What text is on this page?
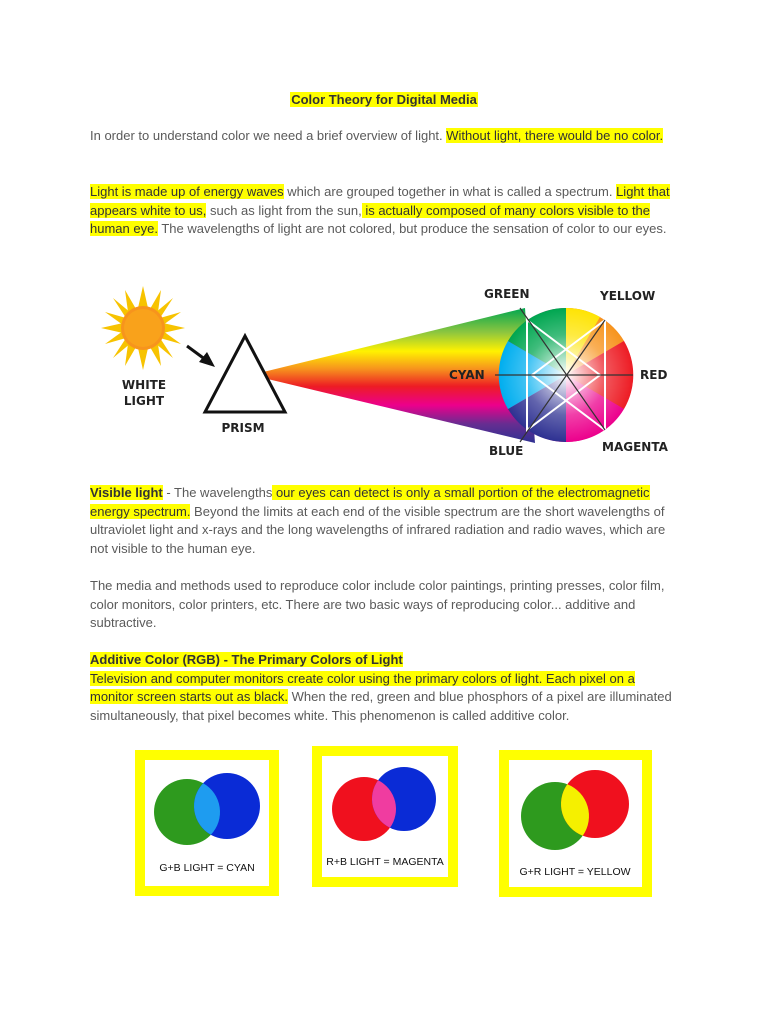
Color Theory for Digital Media
In order to understand color we need a brief overview of light. Without light, there would be no color.
Light is made up of energy waves which are grouped together in what is called a spectrum. Light that appears white to us, such as light from the sun, is actually composed of many colors visible to the human eye. The wavelengths of light are not colored, but produce the sensation of color to our eyes.
WHITE
LIGHT
PRISM
GREEN	YELLOW
CYAN	RED
BLUE	MAGENTA
Visible light - The wavelengths our eyes can detect is only a small portion of the electromagnetic energy spectrum. Beyond the limits at each end of the visible spectrum are the short wavelengths of ultraviolet light and x-rays and the long wavelengths of infrared radiation and radio waves, which are not visible to the human eye.
The media and methods used to reproduce color include color paintings, printing presses, color film, color monitors, color printers, etc. There are two basic ways of reproducing color... additive and subtractive.
Additive Color (RGB) - The Primary Colors of Light
Television and computer monitors create color using the primary colors of light. Each pixel on a monitor screen starts out as black. When the red, green and blue phosphors of a pixel are illuminated simultaneously, that pixel becomes white. This phenomenon is called additive color.
G+B LIGHT = CYAN	R+B LIGHT = MAGENTA
G+R LIGHT = YELLOW
